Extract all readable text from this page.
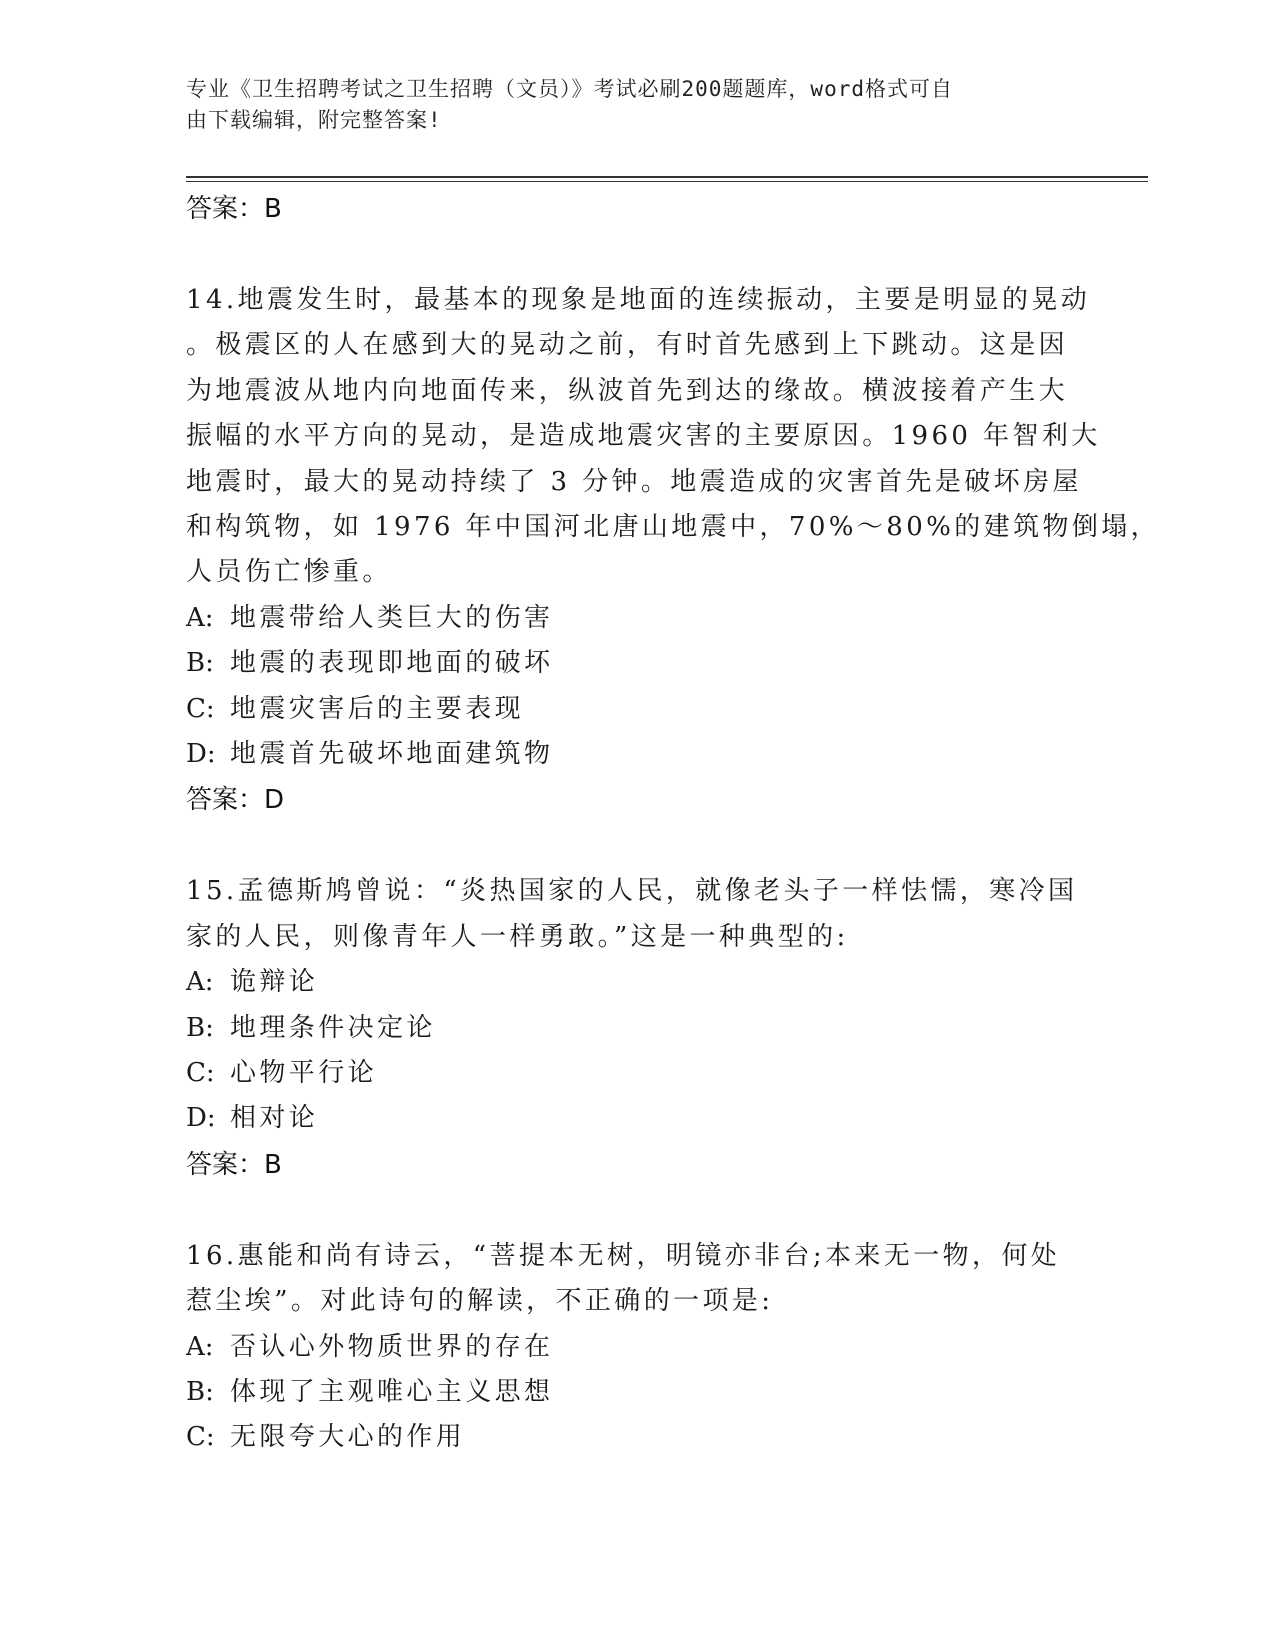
专业《卫生招聘考试之卫生招聘（文员）》考试必刷200题题库，word格式可自
由下载编辑，附完整答案!
答案：B
14.地震发生时，最基本的现象是地面的连续振动，主要是明显的晃动
。极震区的人在感到大的晃动之前，有时首先感到上下跳动。这是因
为地震波从地内向地面传来，纵波首先到达的缘故。横波接着产生大
振幅的水平方向的晃动，是造成地震灾害的主要原因。1960 年智利大
地震时，最大的晃动持续了 3 分钟。地震造成的灾害首先是破坏房屋
和构筑物，如 1976 年中国河北唐山地震中，70%～80%的建筑物倒塌，
人员伤亡惨重。
A: 地震带给人类巨大的伤害
B: 地震的表现即地面的破坏
C: 地震灾害后的主要表现
D: 地震首先破坏地面建筑物
答案：D
15.孟德斯鸠曾说：“炎热国家的人民，就像老头子一样怯懦，寒冷国
家的人民，则像青年人一样勇敢。”这是一种典型的:
A: 诡辩论
B: 地理条件决定论
C: 心物平行论
D: 相对论
答案：B
16.惠能和尚有诗云，“菩提本无树，明镜亦非台;本来无一物，何处
惹尘埃”。对此诗句的解读，不正确的一项是:
A: 否认心外物质世界的存在
B: 体现了主观唯心主义思想
C: 无限夸大心的作用
